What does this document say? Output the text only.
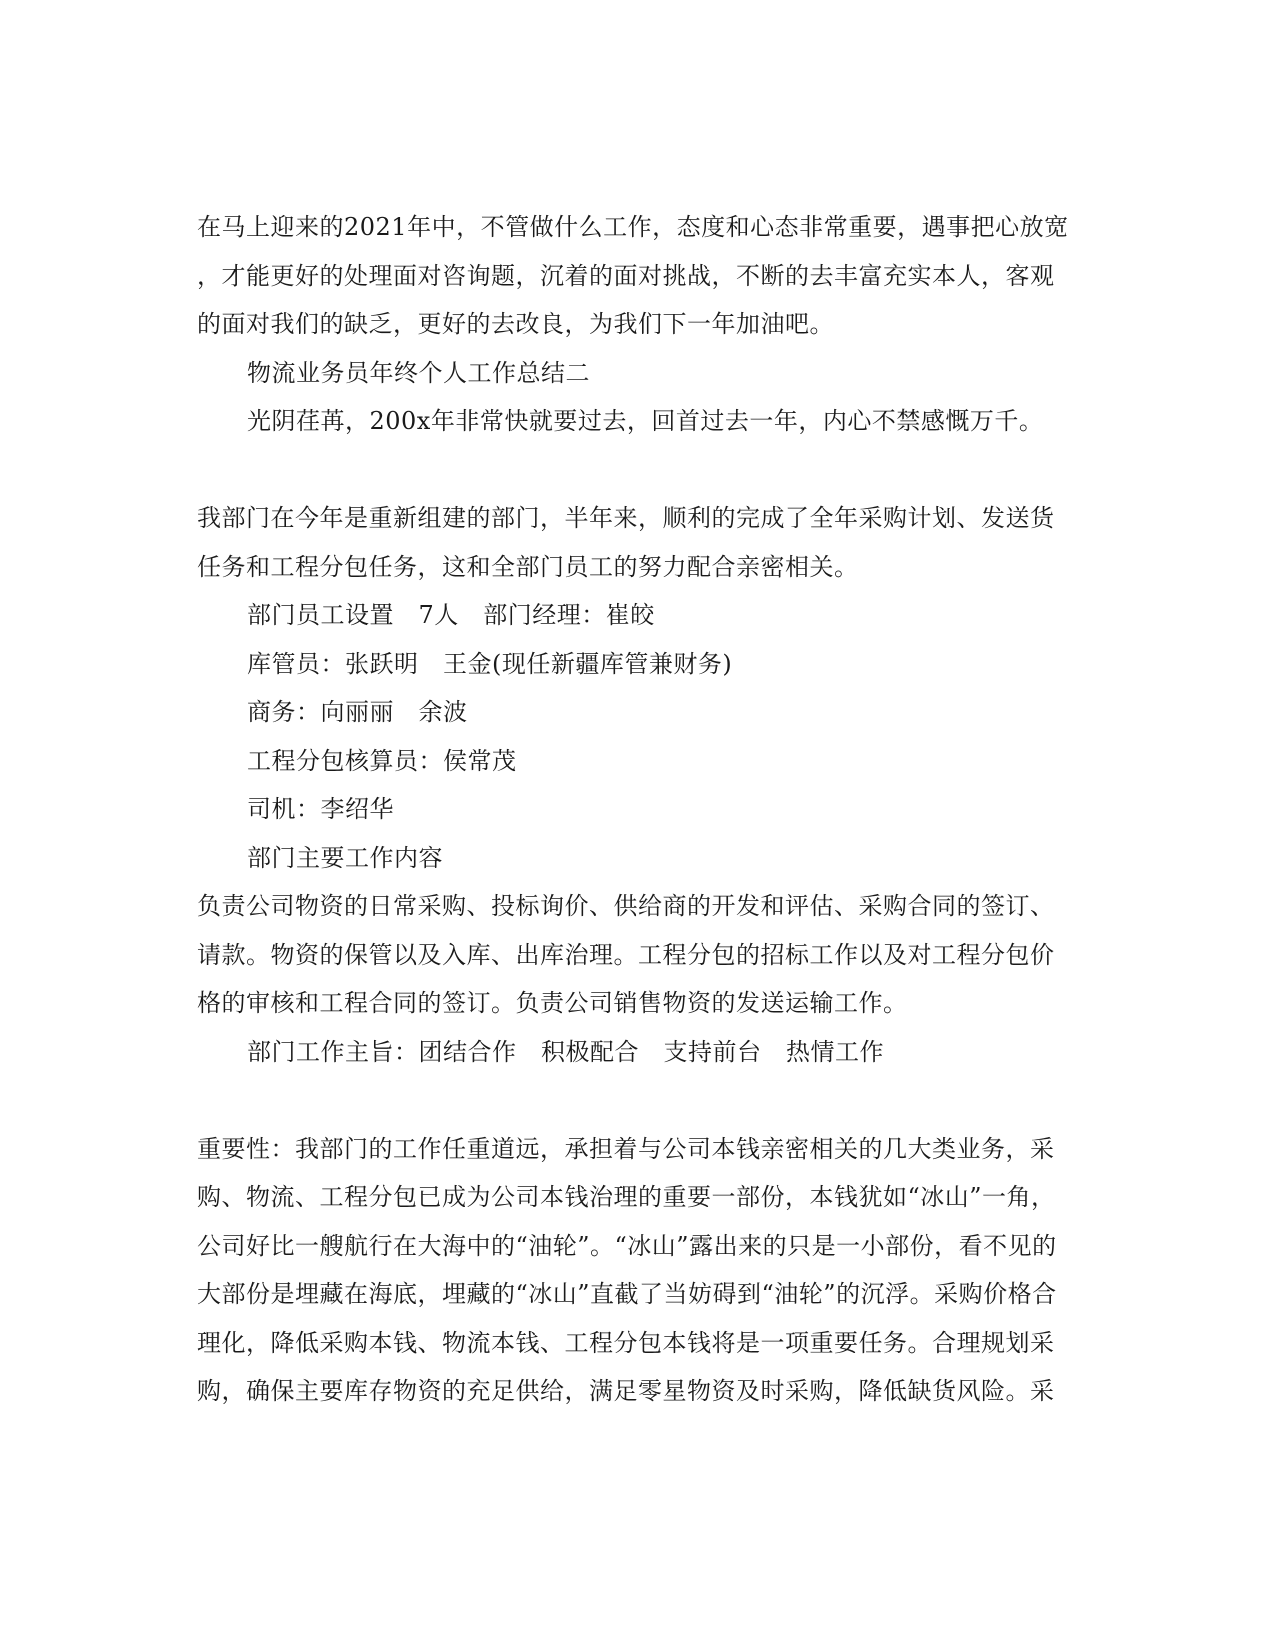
在马上迎来的2021年中，不管做什么工作，态度和心态非常重要，遇事把心放宽
，才能更好的处理面对咨询题，沉着的面对挑战，不断的去丰富充实本人，客观
的面对我们的缺乏，更好的去改良，为我们下一年加油吧。
物流业务员年终个人工作总结二
光阴荏苒，200x年非常快就要过去，回首过去一年，内心不禁感慨万千。
我部门在今年是重新组建的部门，半年来，顺利的完成了全年采购计划、发送货
任务和工程分包任务，这和全部门员工的努力配合亲密相关。
部门员工设置　7人　部门经理：崔皎
库管员：张跃明　王金(现任新疆库管兼财务)
商务：向丽丽　余波
工程分包核算员：侯常茂
司机：李绍华
部门主要工作内容
负责公司物资的日常采购、投标询价、供给商的开发和评估、采购合同的签订、
请款。物资的保管以及入库、出库治理。工程分包的招标工作以及对工程分包价
格的审核和工程合同的签订。负责公司销售物资的发送运输工作。
部门工作主旨：团结合作　积极配合　支持前台　热情工作
重要性：我部门的工作任重道远，承担着与公司本钱亲密相关的几大类业务，采
购、物流、工程分包已成为公司本钱治理的重要一部份，本钱犹如“冰山”一角，
公司好比一艘航行在大海中的“油轮”。“冰山”露出来的只是一小部份，看不见的
大部份是埋藏在海底，埋藏的“冰山”直截了当妨碍到“油轮”的沉浮。采购价格合
理化，降低采购本钱、物流本钱、工程分包本钱将是一项重要任务。合理规划采
购，确保主要库存物资的充足供给，满足零星物资及时采购，降低缺货风险。采
